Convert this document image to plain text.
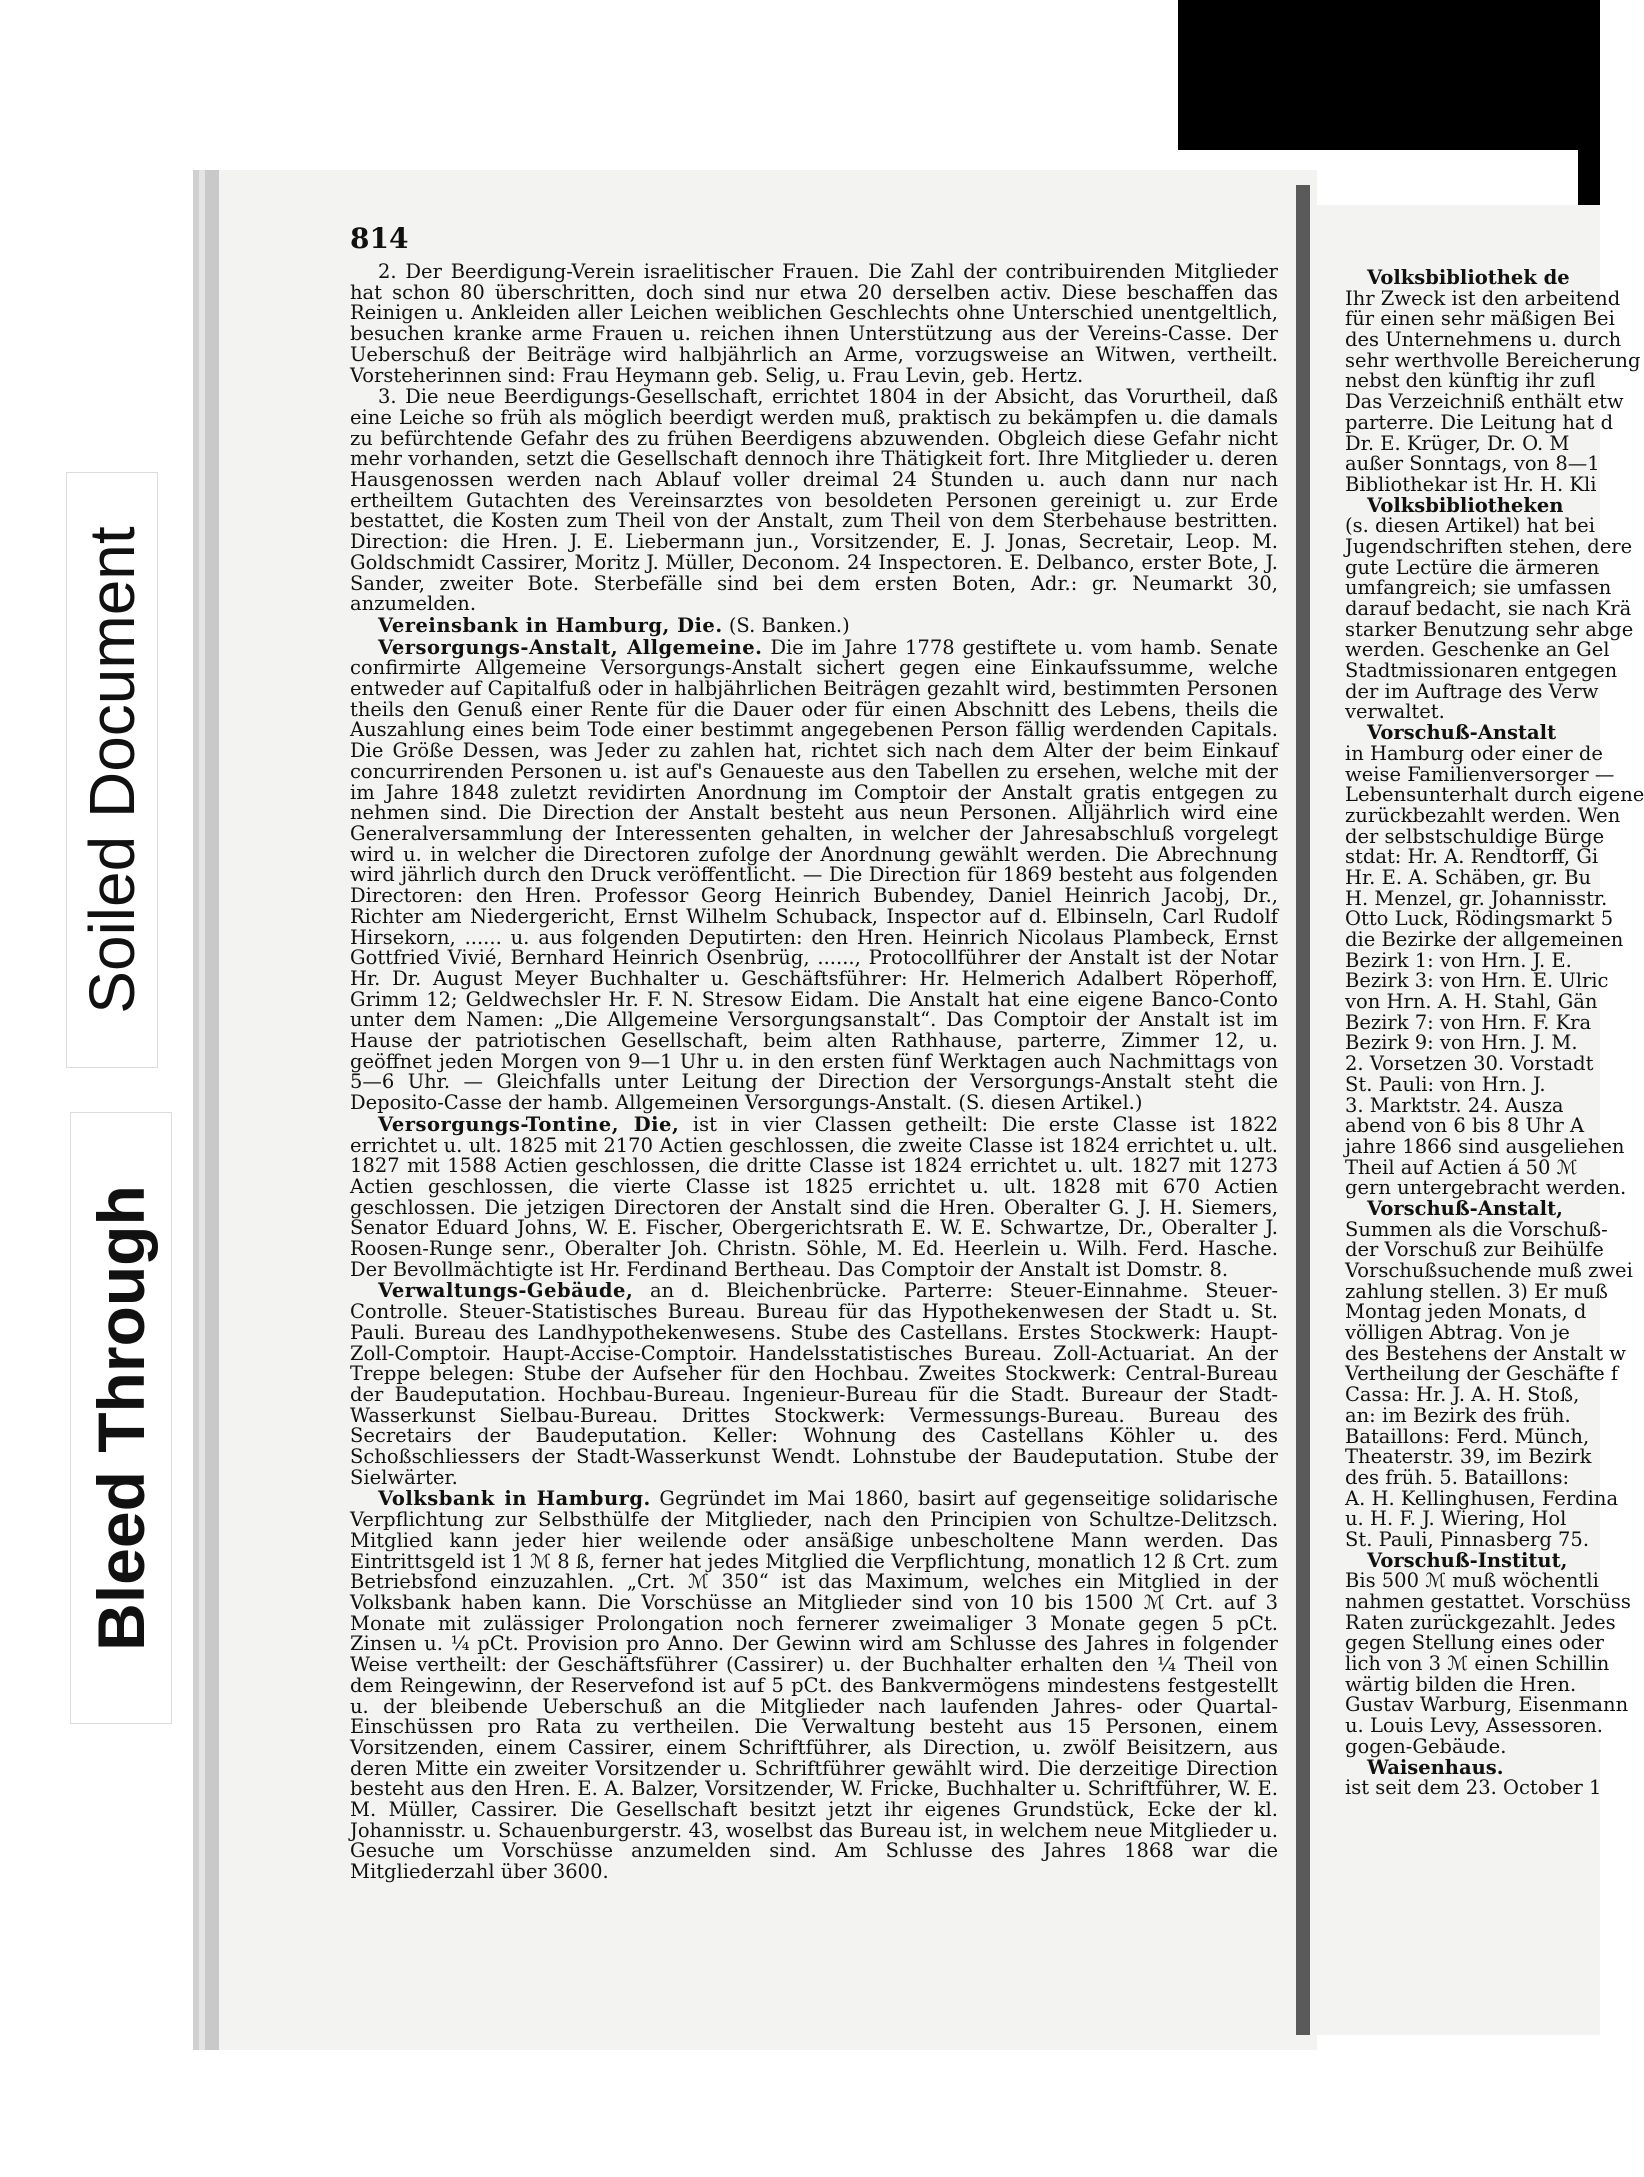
Soiled Document
Bleed Through
814

2. Der Beerdigung-Verein israelitischer Frauen. Die Zahl der contribuirenden Mitglieder hat schon 80 überschritten, doch sind nur etwa 20 derselben activ. Diese beschaffen das Reinigen u. Ankleiden aller Leichen weiblichen Geschlechts ohne Unterschied unentgeltlich, besuchen kranke arme Frauen u. reichen ihnen Unterstützung aus der Vereins-Casse. Der Ueberschuß der Beiträge wird halbjährlich an Arme, vorzugsweise an Witwen, vertheilt. Vorsteherinnen sind: Frau Heymann geb. Selig, u. Frau Levin, geb. Hertz.

3. Die neue Beerdigungs-Gesellschaft, errichtet 1804 in der Absicht, das Vorurtheil, daß eine Leiche so früh als möglich beerdigt werden muß, praktisch zu bekämpfen u. die damals zu befürchtende Gefahr des zu frühen Beerdigens abzuwenden. Obgleich diese Gefahr nicht mehr vorhanden, setzt die Gesellschaft dennoch ihre Thätigkeit fort. Ihre Mitglieder u. deren Hausgenossen werden nach Ablauf voller dreimal 24 Stunden u. auch dann nur nach ertheiltem Gutachten des Vereinsarztes von besoldeten Personen gereinigt u. zur Erde bestattet, die Kosten zum Theil von der Anstalt, zum Theil von dem Sterbehause bestritten. Direction: die Hren. J. E. Liebermann jun., Vorsitzender, E. J. Jonas, Secretair, Leop. M. Goldschmidt Cassirer, Moritz J. Müller, Deconom. 24 Inspectoren. E. Delbanco, erster Bote, J. Sander, zweiter Bote. Sterbefälle sind bei dem ersten Boten, Adr.: gr. Neumarkt 30, anzumelden.

Vereinsbank in Hamburg, Die. (S. Banken.)

Versorgungs-Anstalt, Allgemeine. Die im Jahre 1778 gestiftete u. vom hamb. Senate confirmirte Allgemeine Versorgungs-Anstalt sichert gegen eine Einkaufssumme, welche entweder auf Capitalfuß oder in halbjährlichen Beiträgen gezahlt wird, bestimmten Personen theils den Genuß einer Rente für die Dauer oder für einen Abschnitt des Lebens, theils die Auszahlung eines beim Tode einer bestimmt angegebenen Person fällig werdenden Capitals. Die Größe Dessen, was Jeder zu zahlen hat, richtet sich nach dem Alter der beim Einkauf concurrirenden Personen u. ist auf's Genaueste aus den Tabellen zu ersehen, welche mit der im Jahre 1848 zuletzt revidirten Anordnung im Comptoir der Anstalt gratis entgegen zu nehmen sind. Die Direction der Anstalt besteht aus neun Personen. Alljährlich wird eine Generalversammlung der Interessenten gehalten, in welcher der Jahresabschluß vorgelegt wird u. in welcher die Directoren zufolge der Anordnung gewählt werden. Die Abrechnung wird jährlich durch den Druck veröffentlicht. — Die Direction für 1869 besteht aus folgenden Directoren: den Hren. Professor Georg Heinrich Bubendey, Daniel Heinrich Jacobj, Dr., Richter am Niedergericht, Ernst Wilhelm Schuback, Inspector auf d. Elbinseln, Carl Rudolf Hirsekorn, ...... u. aus folgenden Deputirten: den Hren. Heinrich Nicolaus Plambeck, Ernst Gottfried Vivié, Bernhard Heinrich Osenbrüg, ......, Protocollführer der Anstalt ist der Notar Hr. Dr. August Meyer Buchhalter u. Geschäftsführer: Hr. Helmerich Adalbert Röperhoff, Grimm 12; Geldwechsler Hr. F. N. Stresow Eidam. Die Anstalt hat eine eigene Banco-Conto unter dem Namen: „Die Allgemeine Versorgungsanstalt“. Das Comptoir der Anstalt ist im Hause der patriotischen Gesellschaft, beim alten Rathhause, parterre, Zimmer 12, u. geöffnet jeden Morgen von 9—1 Uhr u. in den ersten fünf Werktagen auch Nachmittags von 5—6 Uhr. — Gleichfalls unter Leitung der Direction der Versorgungs-Anstalt steht die Deposito-Casse der hamb. Allgemeinen Versorgungs-Anstalt. (S. diesen Artikel.)

Versorgungs-Tontine, Die, ist in vier Classen getheilt: Die erste Classe ist 1822 errichtet u. ult. 1825 mit 2170 Actien geschlossen, die zweite Classe ist 1824 errichtet u. ult. 1827 mit 1588 Actien geschlossen, die dritte Classe ist 1824 errichtet u. ult. 1827 mit 1273 Actien geschlossen, die vierte Classe ist 1825 errichtet u. ult. 1828 mit 670 Actien geschlossen. Die jetzigen Directoren der Anstalt sind die Hren. Oberalter G. J. H. Siemers, Senator Eduard Johns, W. E. Fischer, Obergerichtsrath E. W. E. Schwartze, Dr., Oberalter J. Roosen-Runge senr., Oberalter Joh. Christn. Söhle, M. Ed. Heerlein u. Wilh. Ferd. Hasche. Der Bevollmächtigte ist Hr. Ferdinand Bertheau. Das Comptoir der Anstalt ist Domstr. 8.

Verwaltungs-Gebäude, an d. Bleichenbrücke. Parterre: Steuer-Einnahme. Steuer-Controlle. Steuer-Statistisches Bureau. Bureau für das Hypothekenwesen der Stadt u. St. Pauli. Bureau des Landhypothekenwesens. Stube des Castellans. Erstes Stockwerk: Haupt-Zoll-Comptoir. Haupt-Accise-Comptoir. Handelsstatistisches Bureau. Zoll-Actuariat. An der Treppe belegen: Stube der Aufseher für den Hochbau. Zweites Stockwerk: Central-Bureau der Baudeputation. Hochbau-Bureau. Ingenieur-Bureau für die Stadt. Bureaur der Stadt-Wasserkunst Sielbau-Bureau. Drittes Stockwerk: Vermessungs-Bureau. Bureau des Secretairs der Baudeputation. Keller: Wohnung des Castellans Köhler u. des Schoßschliessers der Stadt-Wasserkunst Wendt. Lohnstube der Baudeputation. Stube der Sielwärter.

Volksbank in Hamburg. Gegründet im Mai 1860, basirt auf gegenseitige solidarische Verpflichtung zur Selbsthülfe der Mitglieder, nach den Principien von Schultze-Delitzsch. Mitglied kann jeder hier weilende oder ansäßige unbescholtene Mann werden. Das Eintrittsgeld ist 1 ℳ 8 ß, ferner hat jedes Mitglied die Verpflichtung, monatlich 12 ß Crt. zum Betriebsfond einzuzahlen. „Crt. ℳ 350“ ist das Maximum, welches ein Mitglied in der Volksbank haben kann. Die Vorschüsse an Mitglieder sind von 10 bis 1500 ℳ Crt. auf 3 Monate mit zulässiger Prolongation noch fernerer zweimaliger 3 Monate gegen 5 pCt. Zinsen u. ¼ pCt. Provision pro Anno. Der Gewinn wird am Schlusse des Jahres in folgender Weise vertheilt: der Geschäftsführer (Cassirer) u. der Buchhalter erhalten den ¼ Theil von dem Reingewinn, der Reservefond ist auf 5 pCt. des Bankvermögens mindestens festgestellt u. der bleibende Ueberschuß an die Mitglieder nach laufenden Jahres- oder Quartal-Einschüssen pro Rata zu vertheilen. Die Verwaltung besteht aus 15 Personen, einem Vorsitzenden, einem Cassirer, einem Schriftführer, als Direction, u. zwölf Beisitzern, aus deren Mitte ein zweiter Vorsitzender u. Schriftführer gewählt wird. Die derzeitige Direction besteht aus den Hren. E. A. Balzer, Vorsitzender, W. Fricke, Buchhalter u. Schriftführer, W. E. M. Müller, Cassirer. Die Gesellschaft besitzt jetzt ihr eigenes Grundstück, Ecke der kl. Johannisstr. u. Schauenburgerstr. 43, woselbst das Bureau ist, in welchem neue Mitglieder u. Gesuche um Vorschüsse anzumelden sind. Am Schlusse des Jahres 1868 war die Mitgliederzahl über 3600.

Volksbibliothek de
Ihr Zweck ist den arbeitend
für einen sehr mäßigen Bei
des Unternehmens u. durch
sehr werthvolle Bereicherung
nebst den künftig ihr zufl
Das Verzeichniß enthält etw
parterre. Die Leitung hat d
Dr. E. Krüger, Dr. O. M
außer Sonntags, von 8—1
Bibliothekar ist Hr. H. Kli
Volksbibliotheken
(s. diesen Artikel) hat bei
Jugendschriften stehen, dere
gute Lectüre die ärmeren
umfangreich; sie umfassen
darauf bedacht, sie nach Krä
starker Benutzung sehr abge
werden. Geschenke an Gel
Stadtmissionaren entgegen
der im Auftrage des Verw
verwaltet.
Vorschuß-Anstalt
in Hamburg oder einer de
weise Familienversorger —
Lebensunterhalt durch eigene
zurückbezahlt werden. Wen
der selbstschuldige Bürge
stdat: Hr. A. Rendtorff, Gi
Hr. E. A. Schäben, gr. Bu
H. Menzel, gr. Johannisstr.
Otto Luck, Rödingsmarkt 5
die Bezirke der allgemeinen
Bezirk 1: von Hrn. J. E.
Bezirk 3: von Hrn. E. Ulric
von Hrn. A. H. Stahl, Gän
Bezirk 7: von Hrn. F. Kra
Bezirk 9: von Hrn. J. M.
2. Vorsetzen 30. Vorstadt
St. Pauli: von Hrn. J.
3. Marktstr. 24. Ausza
abend von 6 bis 8 Uhr A
jahre 1866 sind ausgeliehen
Theil auf Actien á 50 ℳ
gern untergebracht werden.
Vorschuß-Anstalt,
Summen als die Vorschuß-
der Vorschuß zur Beihülfe
Vorschußsuchende muß zwei
zahlung stellen. 3) Er muß
Montag jeden Monats, d
völligen Abtrag. Von je
des Bestehens der Anstalt w
Vertheilung der Geschäfte f
Cassa: Hr. J. A. H. Stoß,
an: im Bezirk des früh.
Bataillons: Ferd. Münch,
Theaterstr. 39, im Bezirk
des früh. 5. Bataillons:
A. H. Kellinghusen, Ferdina
u. H. F. J. Wiering, Hol
St. Pauli, Pinnasberg 75.
Vorschuß-Institut,
Bis 500 ℳ muß wöchentli
nahmen gestattet. Vorschüss
Raten zurückgezahlt. Jedes
gegen Stellung eines oder
lich von 3 ℳ einen Schillin
wärtig bilden die Hren.
Gustav Warburg, Eisenmann
u. Louis Levy, Assessoren.
gogen-Gebäude.
Waisenhaus.
ist seit dem 23. October 1
